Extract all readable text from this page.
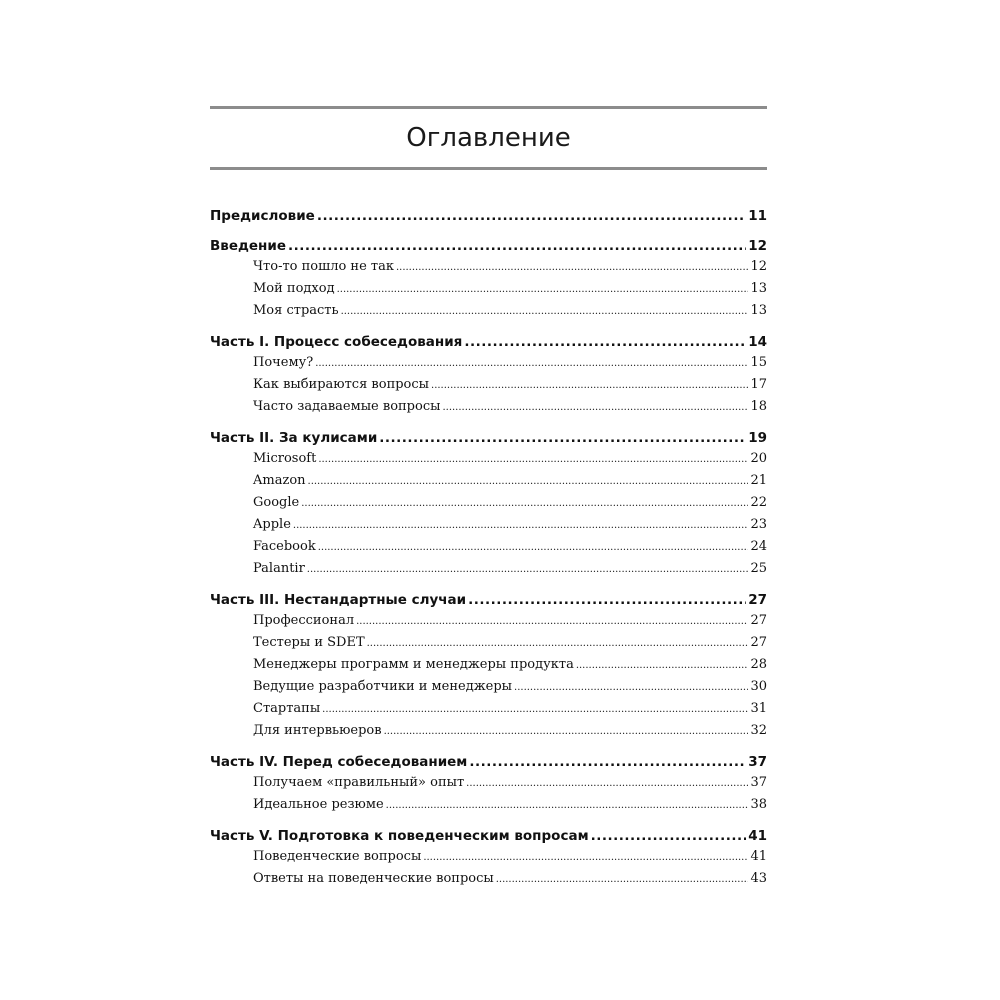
Оглавление
Предисловие .....	11
Введение .....	12
Что-то пошло не так .....	12
Мой подход .....	13
Моя страсть .....	13
Часть I. Процесс собеседования .....	14
Почему? .....	15
Как выбираются вопросы .....	17
Часто задаваемые вопросы .....	18
Часть II. За кулисами .....	19
Microsoft .....	20
Amazon .....	21
Google .....	22
Apple .....	23
Facebook .....	24
Palantir .....	25
Часть III. Нестандартные случаи .....	27
Профессионал .....	27
Тестеры и SDET .....	27
Менеджеры программ и менеджеры продукта .....	28
Ведущие разработчики и менеджеры .....	30
Стартапы .....	31
Для интервьюеров .....	32
Часть IV. Перед собеседованием .....	37
Получаем «правильный» опыт .....	37
Идеальное резюме .....	38
Часть V. Подготовка к поведенческим вопросам .....	41
Поведенческие вопросы .....	41
Ответы на поведенческие вопросы .....	43
